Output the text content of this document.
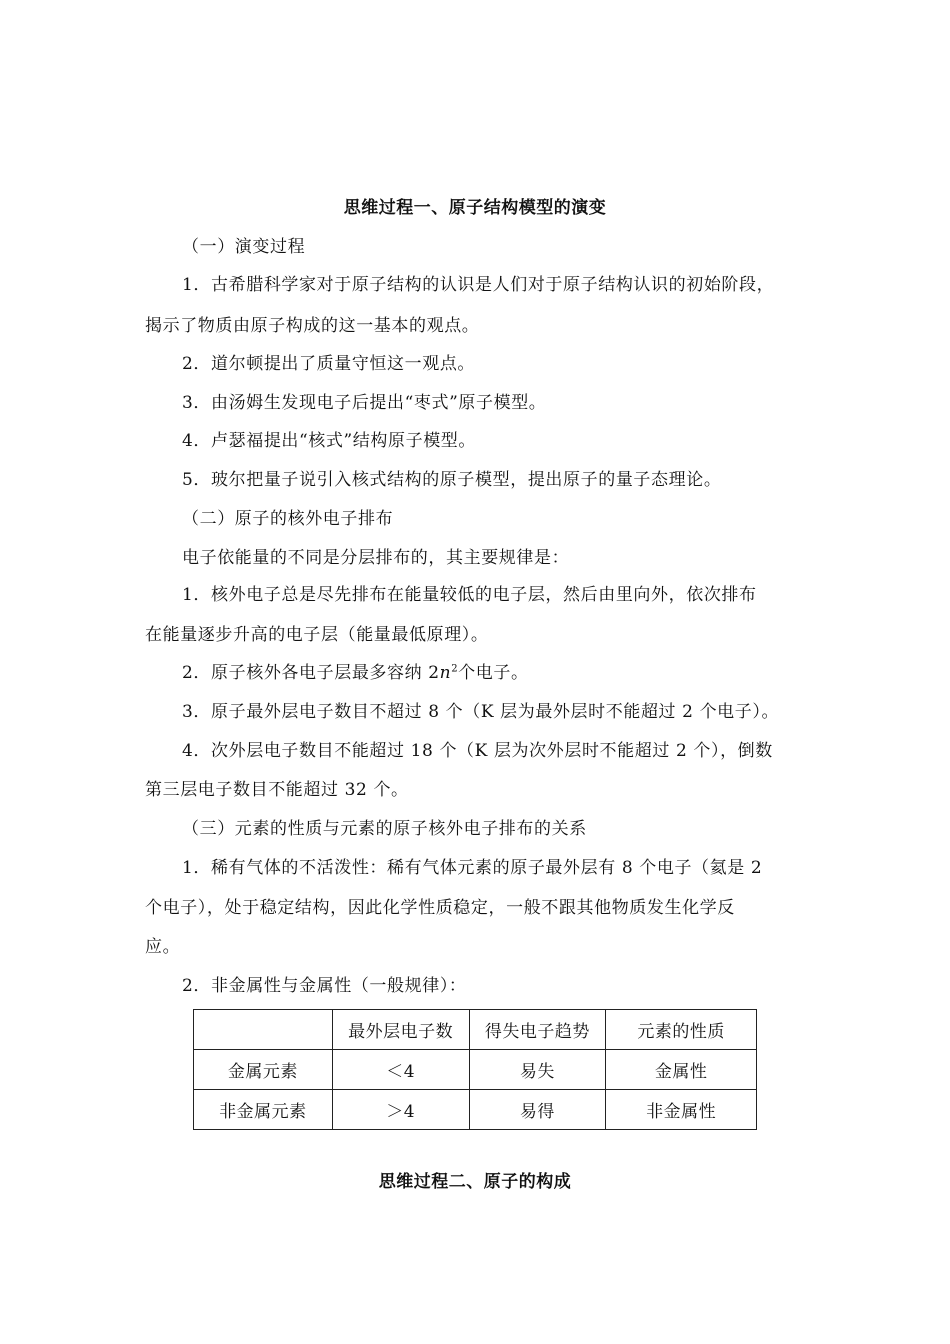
思维过程一、原子结构模型的演变
（一）演变过程
1．古希腊科学家对于原子结构的认识是人们对于原子结构认识的初始阶段，
揭示了物质由原子构成的这一基本的观点。
2．道尔顿提出了质量守恒这一观点。
3．由汤姆生发现电子后提出“枣式”原子模型。
4．卢瑟福提出“核式”结构原子模型。
5．玻尔把量子说引入核式结构的原子模型，提出原子的量子态理论。
（二）原子的核外电子排布
电子依能量的不同是分层排布的，其主要规律是：
1．核外电子总是尽先排布在能量较低的电子层，然后由里向外，依次排布
在能量逐步升高的电子层（能量最低原理）。
2．原子核外各电子层最多容纳 $2n^2$个电子。
3．原子最外层电子数目不超过 8 个（K 层为最外层时不能超过 2 个电子）。
4．次外层电子数目不能超过 18 个（K 层为次外层时不能超过 2 个），倒数
第三层电子数目不能超过 32 个。
（三）元素的性质与元素的原子核外电子排布的关系
1．稀有气体的不活泼性：稀有气体元素的原子最外层有 8 个电子（氦是 2
个电子），处于稳定结构，因此化学性质稳定，一般不跟其他物质发生化学反
应。
2．非金属性与金属性（一般规律）：
	最外层电子数	得失电子趋势	元素的性质
金属元素	＜4	易失	金属性
非金属元素	＞4	易得	非金属性
思维过程二、原子的构成
